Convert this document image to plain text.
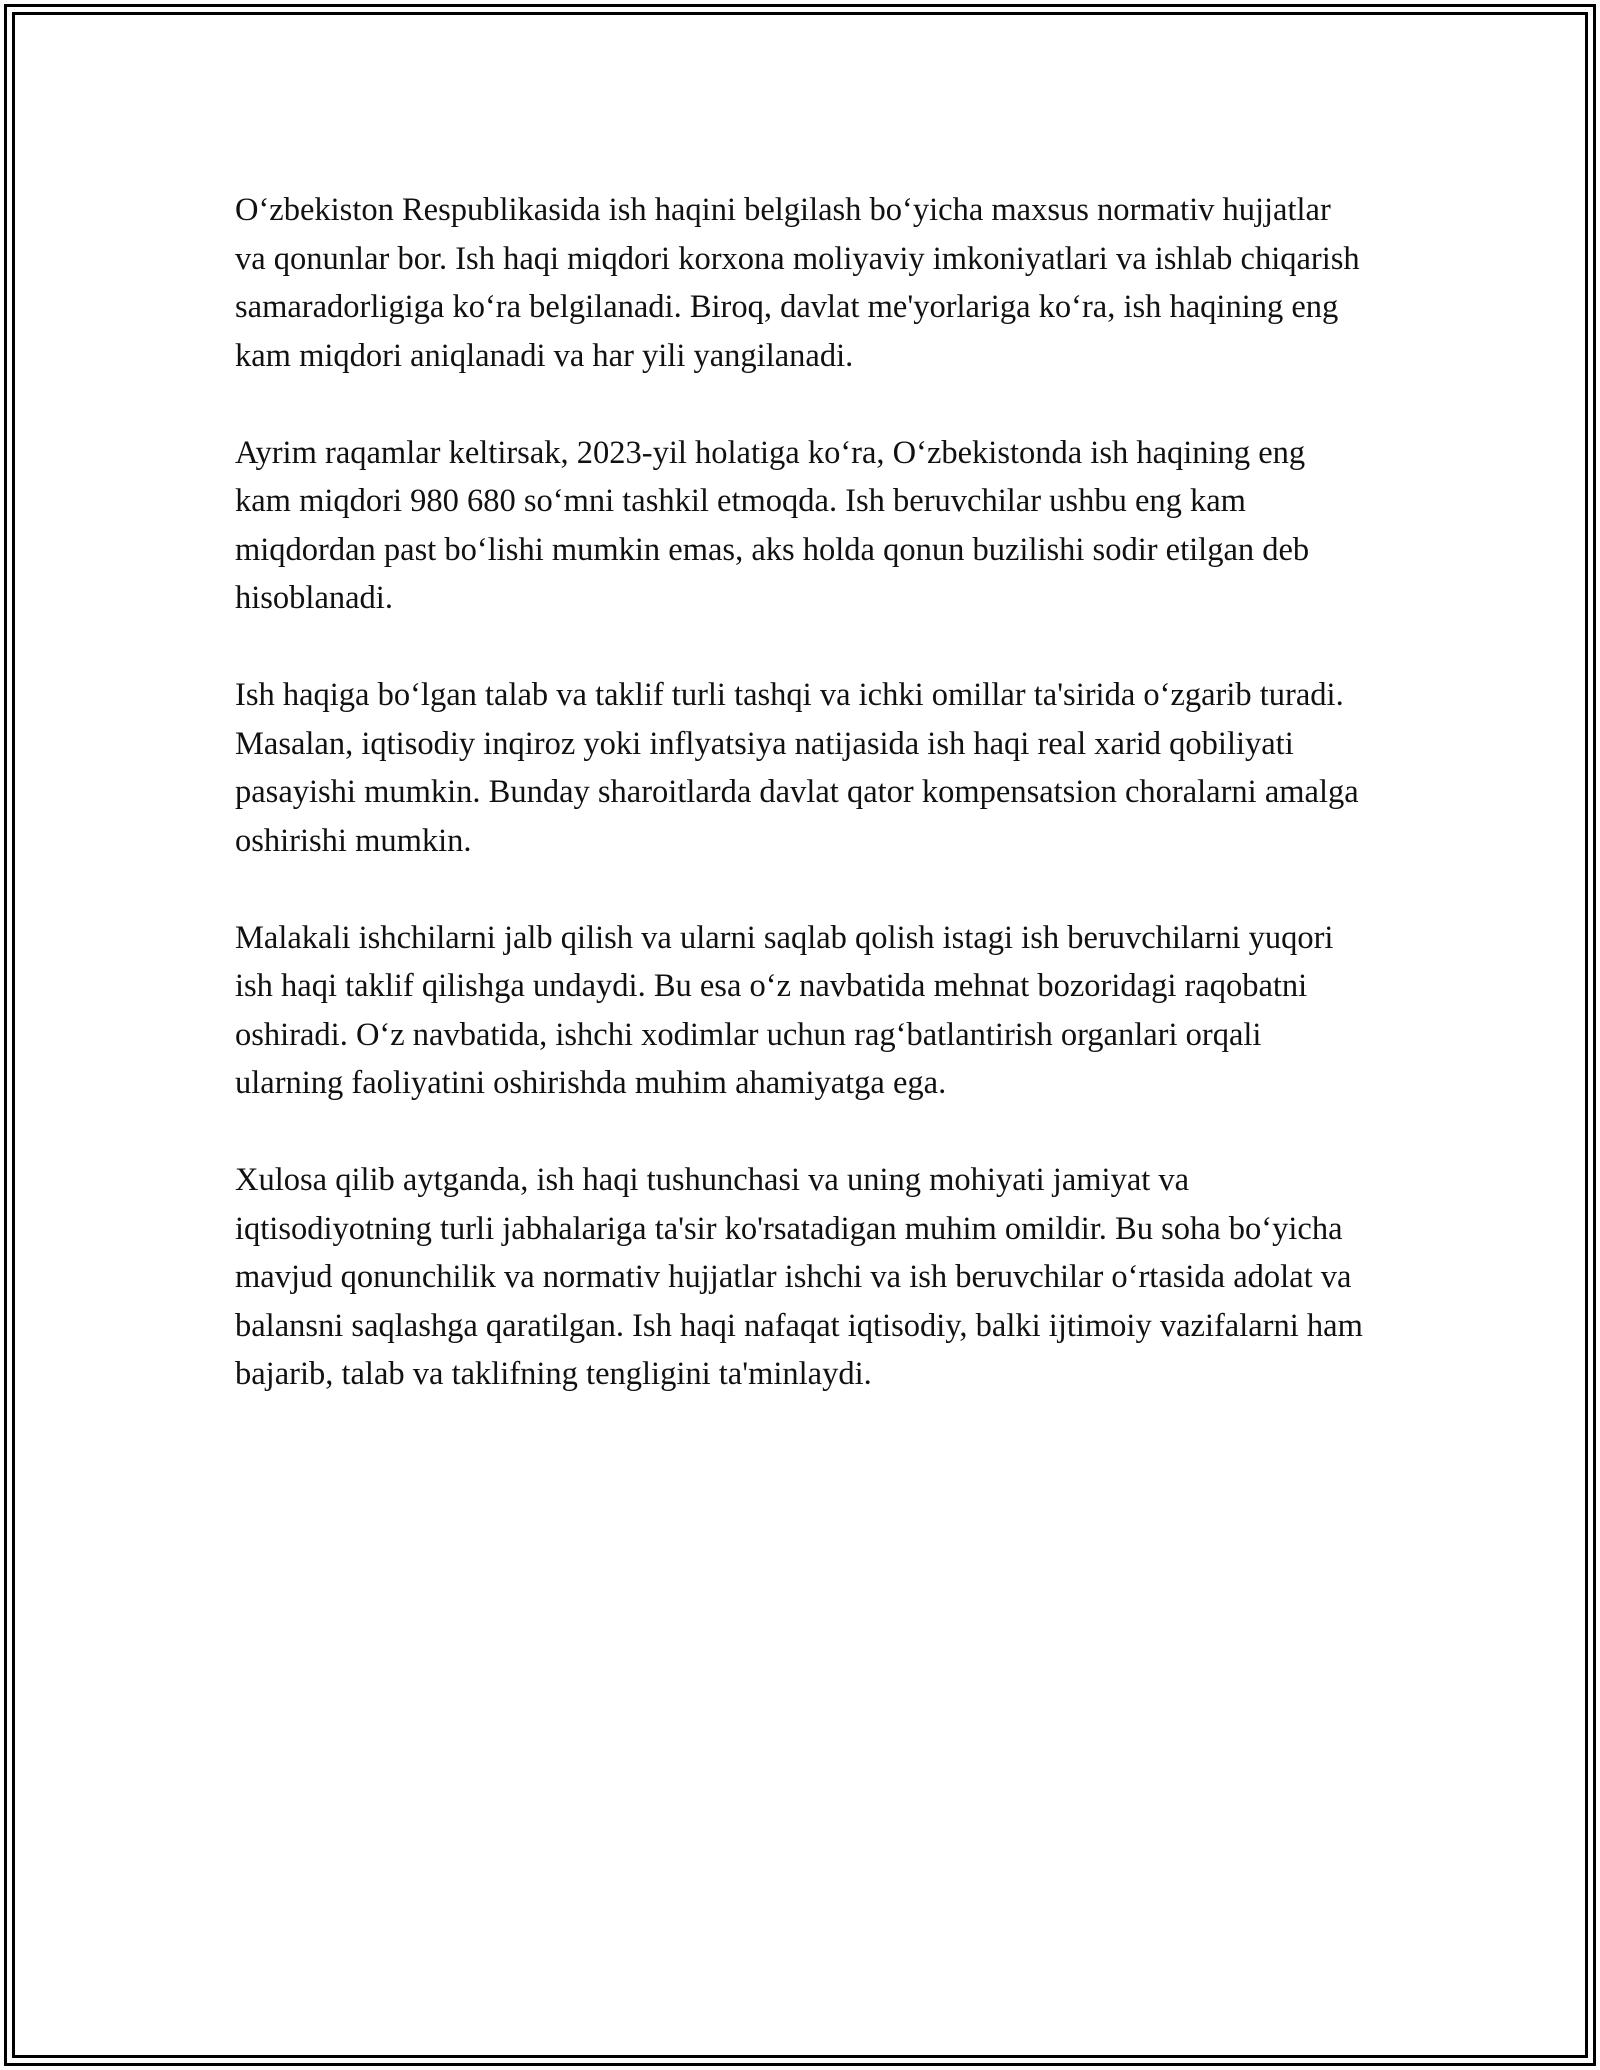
O‘zbekiston Respublikasida ish haqini belgilash bo‘yicha maxsus normativ hujjatlar va qonunlar bor. Ish haqi miqdori korxona moliyaviy imkoniyatlari va ishlab chiqarish samaradorligiga ko‘ra belgilanadi. Biroq, davlat me'yorlariga ko‘ra, ish haqining eng kam miqdori aniqlanadi va har yili yangilanadi.

Ayrim raqamlar keltirsak, 2023-yil holatiga ko‘ra, O‘zbekistonda ish haqining eng kam miqdori 980 680 so‘mni tashkil etmoqda. Ish beruvchilar ushbu eng kam miqdordan past bo‘lishi mumkin emas, aks holda qonun buzilishi sodir etilgan deb hisoblanadi.

Ish haqiga bo‘lgan talab va taklif turli tashqi va ichki omillar ta'sirida o‘zgarib turadi. Masalan, iqtisodiy inqiroz yoki inflyatsiya natijasida ish haqi real xarid qobiliyati pasayishi mumkin. Bunday sharoitlarda davlat qator kompensatsion choralarni amalga oshirishi mumkin.

Malakali ishchilarni jalb qilish va ularni saqlab qolish istagi ish beruvchilarni yuqori ish haqi taklif qilishga undaydi. Bu esa o‘z navbatida mehnat bozoridagi raqobatni oshiradi. O‘z navbatida, ishchi xodimlar uchun rag‘batlantirish organlari orqali ularning faoliyatini oshirishda muhim ahamiyatga ega.

Xulosa qilib aytganda, ish haqi tushunchasi va uning mohiyati jamiyat va iqtisodiyotning turli jabhalariga ta'sir ko'rsatadigan muhim omildir. Bu soha bo‘yicha mavjud qonunchilik va normativ hujjatlar ishchi va ish beruvchilar o‘rtasida adolat va balansni saqlashga qaratilgan. Ish haqi nafaqat iqtisodiy, balki ijtimoiy vazifalarni ham bajarib, talab va taklifning tengligini ta'minlaydi.
